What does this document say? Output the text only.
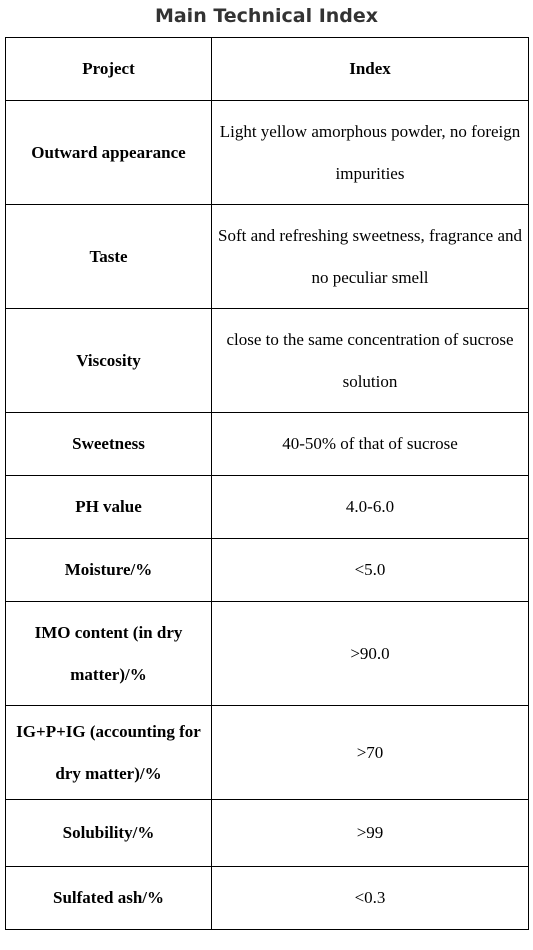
Main Technical Index
Project	Index
Outward appearance	Light yellow amorphous powder, no foreign impurities
Taste	Soft and refreshing sweetness, fragrance and no peculiar smell
Viscosity	close to the same concentration of sucrose solution
Sweetness	40-50% of that of sucrose
PH value	4.0-6.0
Moisture/%	<5.0
IMO content (in dry matter)/%	>90.0
IG+P+IG (accounting for dry matter)/%	>70
Solubility/%	>99
Sulfated ash/%	<0.3
